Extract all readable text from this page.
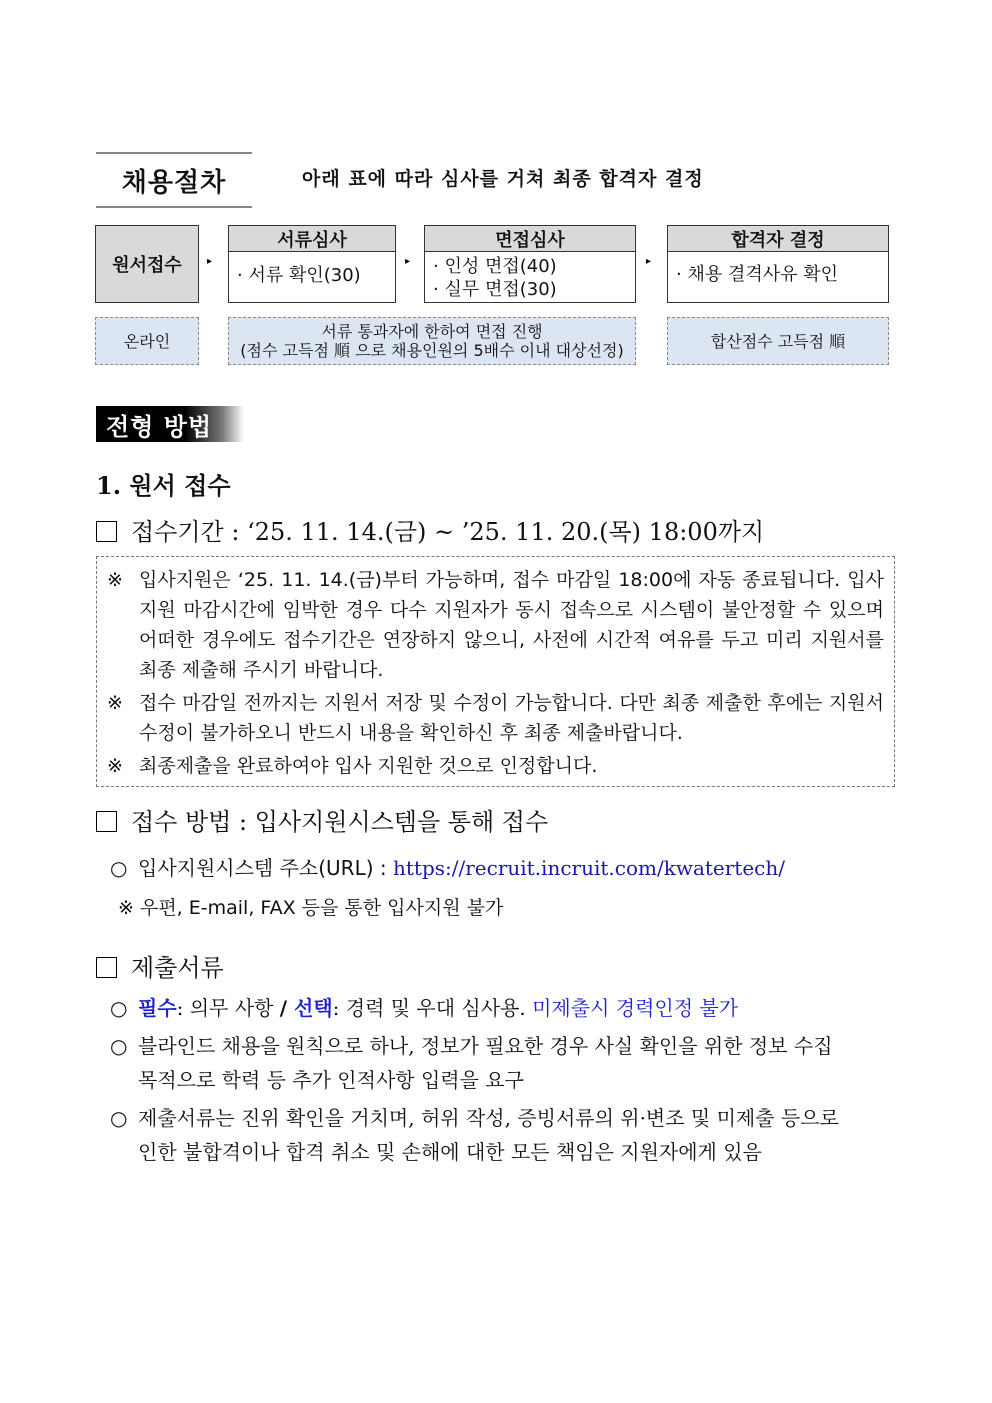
채용절차	아래 표에 따라 심사를 거쳐 최종 합격자 결정
원서접수	▸
서류심사
· 서류 확인(30)
▸
면접심사
· 인성 면접(40)
· 실무 면접(30)
▸
합격자 결정
· 채용 결격사유 확인
온라인	서류 통과자에 한하여 면접 진행
(점수 고득점 順 으로 채용인원의 5배수 이내 대상선정)	합산점수 고득점 順
전형 방법
1. 원서 접수
접수기간 : ‘25. 11. 14.(금) ~ ’25. 11. 20.(목) 18:00까지
※ 입사지원은 ‘25. 11. 14.(금)부터 가능하며, 접수 마감일 18:00에 자동 종료됩니다. 입사지원 마감시간에 임박한 경우 다수 지원자가 동시 접속으로 시스템이 불안정할 수 있으며 어떠한 경우에도 접수기간은 연장하지 않으니, 사전에 시간적 여유를 두고 미리 지원서를 최종 제출해 주시기 바랍니다.
※ 접수 마감일 전까지는 지원서 저장 및 수정이 가능합니다. 다만 최종 제출한 후에는 지원서 수정이 불가하오니 반드시 내용을 확인하신 후 최종 제출바랍니다.
※ 최종제출을 완료하여야 입사 지원한 것으로 인정합니다.
접수 방법 : 입사지원시스템을 통해 접수
○ 입사지원시스템 주소(URL) : https://recruit.incruit.com/kwatertech/
※ 우편, E-mail, FAX 등을 통한 입사지원 불가
제출서류
○ 필수: 의무 사항 / 선택: 경력 및 우대 심사용. 미제출시 경력인정 불가
○ 블라인드 채용을 원칙으로 하나, 정보가 필요한 경우 사실 확인을 위한 정보 수집 목적으로 학력 등 추가 인적사항 입력을 요구
○ 제출서류는 진위 확인을 거치며, 허위 작성, 증빙서류의 위·변조 및 미제출 등으로 인한 불합격이나 합격 취소 및 손해에 대한 모든 책임은 지원자에게 있음
